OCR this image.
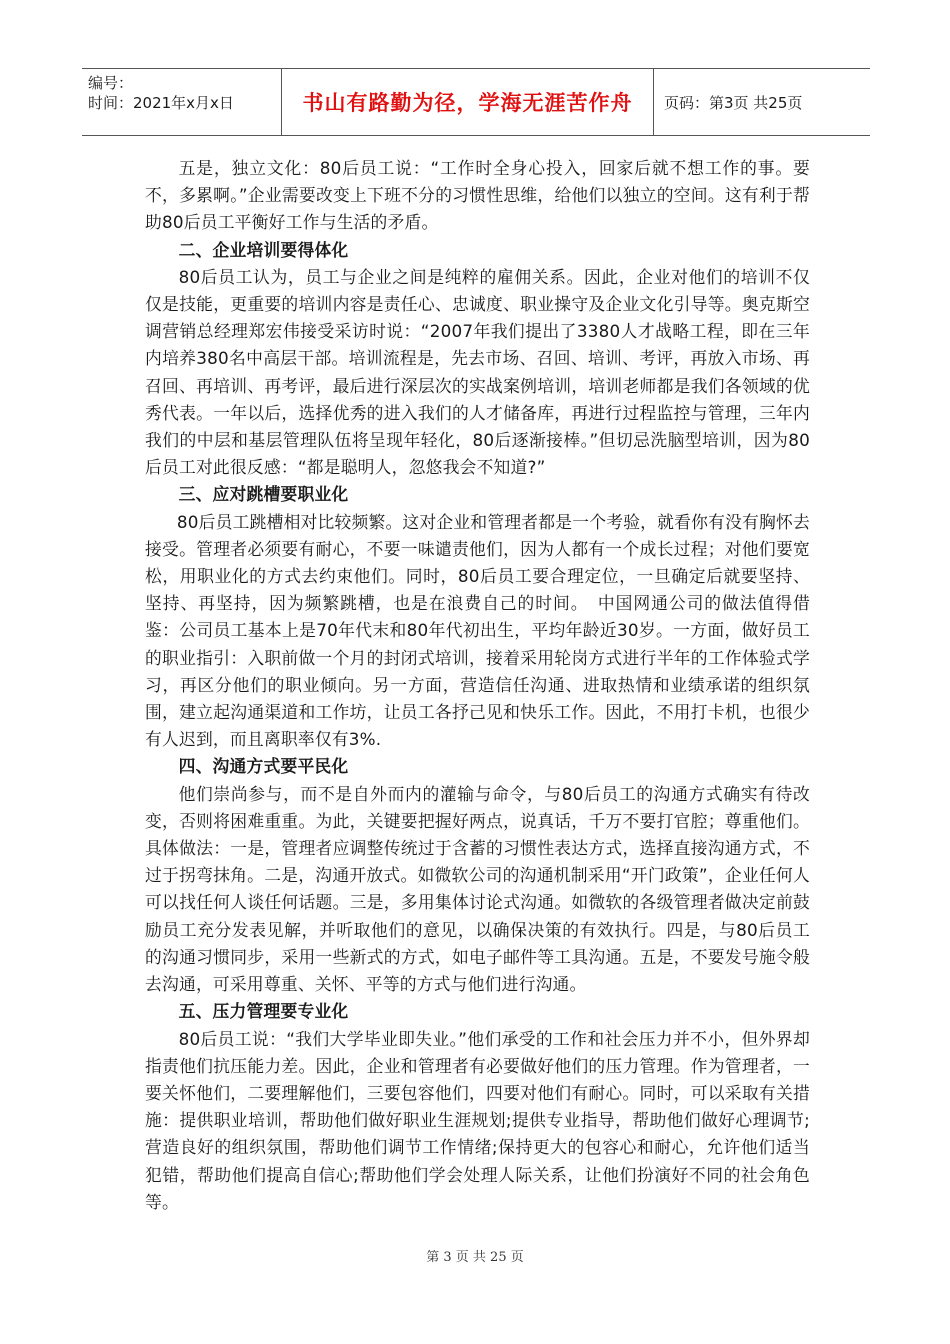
编号：
时间：2021年x月x日	书山有路勤为径，学海无涯苦作舟	页码：第3页 共25页

五是，独立文化：80后员工说：“工作时全身心投入，回家后就不想工作的事。要不，多累啊。”企业需要改变上下班不分的习惯性思维，给他们以独立的空间。这有利于帮助80后员工平衡好工作与生活的矛盾。

二、企业培训要得体化

80后员工认为，员工与企业之间是纯粹的雇佣关系。因此，企业对他们的培训不仅仅是技能，更重要的培训内容是责任心、忠诚度、职业操守及企业文化引导等。奥克斯空调营销总经理郑宏伟接受采访时说：“2007年我们提出了3380人才战略工程，即在三年内培养380名中高层干部。培训流程是，先去市场、召回、培训、考评，再放入市场、再召回、再培训、再考评，最后进行深层次的实战案例培训，培训老师都是我们各领域的优秀代表。一年以后，选择优秀的进入我们的人才储备库，再进行过程监控与管理，三年内我们的中层和基层管理队伍将呈现年轻化，80后逐渐接棒。”但切忌洗脑型培训，因为80后员工对此很反感：“都是聪明人，忽悠我会不知道?”

三、应对跳槽要职业化

80后员工跳槽相对比较频繁。这对企业和管理者都是一个考验，就看你有没有胸怀去接受。管理者必须要有耐心，不要一味谴责他们，因为人都有一个成长过程；对他们要宽松，用职业化的方式去约束他们。同时，80后员工要合理定位，一旦确定后就要坚持、坚持、再坚持，因为频繁跳槽，也是在浪费自己的时间。　中国网通公司的做法值得借鉴：公司员工基本上是70年代末和80年代初出生，平均年龄近30岁。一方面，做好员工的职业指引：入职前做一个月的封闭式培训，接着采用轮岗方式进行半年的工作体验式学习，再区分他们的职业倾向。另一方面，营造信任沟通、进取热情和业绩承诺的组织氛围，建立起沟通渠道和工作坊，让员工各抒己见和快乐工作。因此，不用打卡机，也很少有人迟到，而且离职率仅有3%.

四、沟通方式要平民化

他们崇尚参与，而不是自外而内的灌输与命令，与80后员工的沟通方式确实有待改变，否则将困难重重。为此，关键要把握好两点，说真话，千万不要打官腔；尊重他们。具体做法：一是，管理者应调整传统过于含蓄的习惯性表达方式，选择直接沟通方式，不过于拐弯抹角。二是，沟通开放式。如微软公司的沟通机制采用“开门政策”，企业任何人可以找任何人谈任何话题。三是，多用集体讨论式沟通。如微软的各级管理者做决定前鼓励员工充分发表见解，并听取他们的意见，以确保决策的有效执行。四是，与80后员工的沟通习惯同步，采用一些新式的方式，如电子邮件等工具沟通。五是，不要发号施令般去沟通，可采用尊重、关怀、平等的方式与他们进行沟通。

五、压力管理要专业化

80后员工说：“我们大学毕业即失业。”他们承受的工作和社会压力并不小，但外界却指责他们抗压能力差。因此，企业和管理者有必要做好他们的压力管理。作为管理者，一要关怀他们，二要理解他们，三要包容他们，四要对他们有耐心。同时，可以采取有关措施：提供职业培训，帮助他们做好职业生涯规划;提供专业指导，帮助他们做好心理调节;营造良好的组织氛围，帮助他们调节工作情绪;保持更大的包容心和耐心，允许他们适当犯错，帮助他们提高自信心;帮助他们学会处理人际关系，让他们扮演好不同的社会角色等。

第 3 页 共 25 页
